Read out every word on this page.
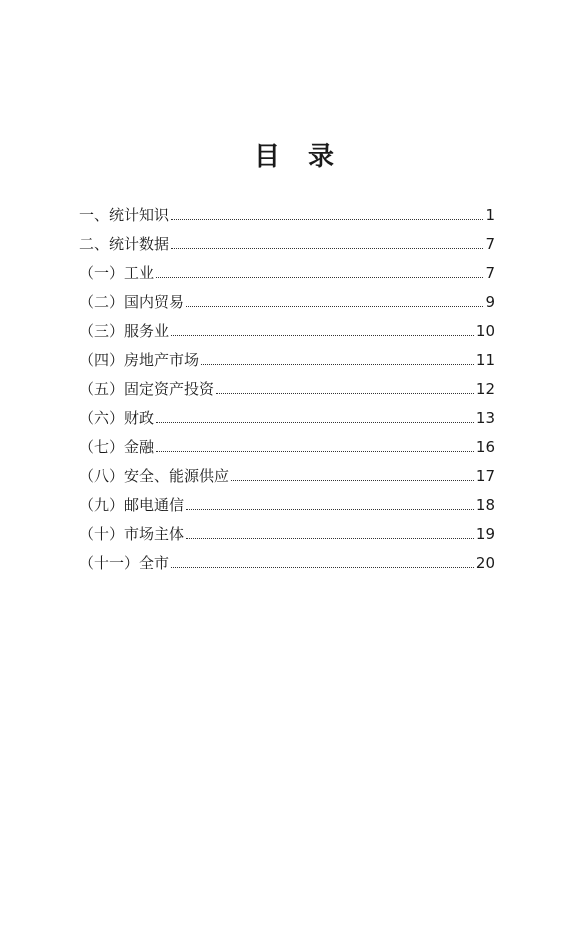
目 录
一、统计知识	1
二、统计数据	7
（一）工业	7
（二）国内贸易	9
（三）服务业	10
（四）房地产市场	11
（五）固定资产投资	12
（六）财政	13
（七）金融	16
（八）安全、能源供应	17
（九）邮电通信	18
（十）市场主体	19
（十一）全市	20
